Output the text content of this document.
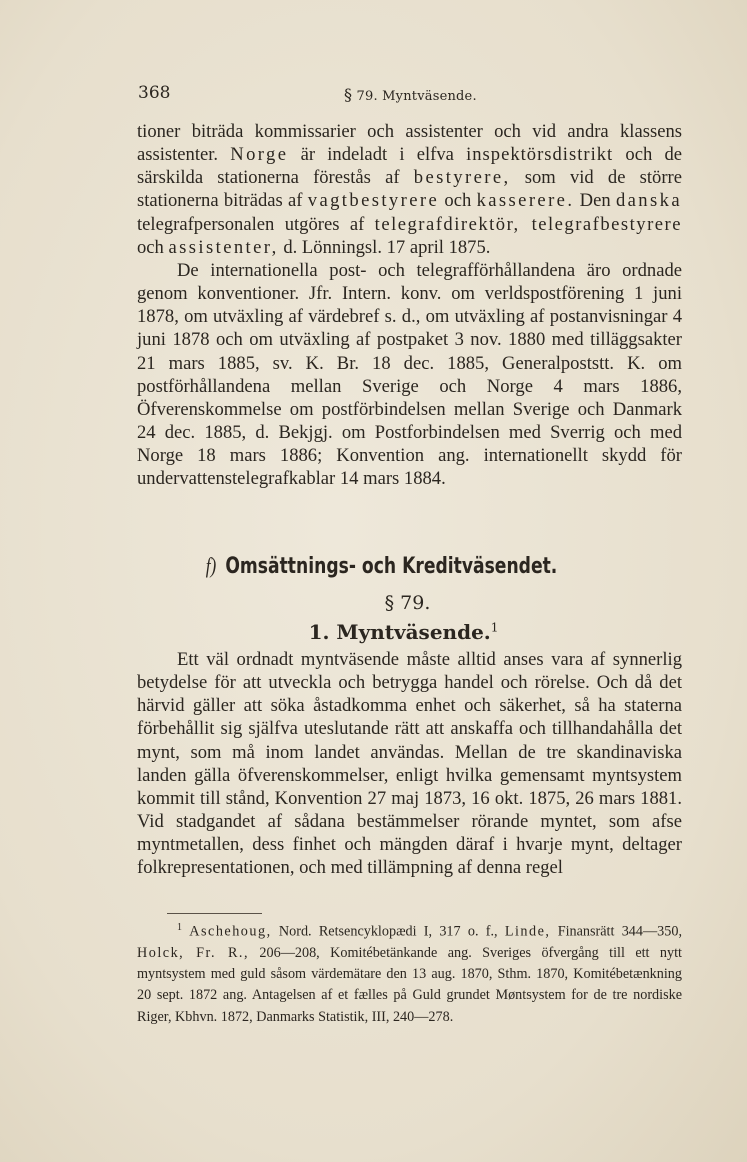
368	§ 79. Myntväsende.

tioner biträda kommissarier och assistenter och vid andra klassens assistenter. Norge är indeladt i elfva inspektörsdistrikt och de särskilda stationerna förestås af bestyrere, som vid de större stationerna biträdas af vagtbestyrere och kasserere. Den danska telegrafpersonalen utgöres af telegrafdirektör, telegrafbestyrere och assistenter, d. Lönningsl. 17 april 1875.

De internationella post- och telegrafförhållandena äro ordnade genom konventioner. Jfr. Intern. konv. om verldspostförening 1 juni 1878, om utväxling af värdebref s. d., om utväxling af postanvisningar 4 juni 1878 och om utväxling af postpaket 3 nov. 1880 med tilläggsakter 21 mars 1885, sv. K. Br. 18 dec. 1885, Generalpoststt. K. om postförhållandena mellan Sverige och Norge 4 mars 1886, Öfverenskommelse om postförbindelsen mellan Sverige och Danmark 24 dec. 1885, d. Bekjgj. om Postforbindelsen med Sverrig och med Norge 18 mars 1886; Konvention ang. internationellt skydd för undervattenstelegrafkablar 14 mars 1884.

f) Omsättnings- och Kreditväsendet.
§ 79.
1. Myntväsende.$^1$

Ett väl ordnadt myntväsende måste alltid anses vara af synnerlig betydelse för att utveckla och betrygga handel och rörelse. Och då det härvid gäller att söka åstadkomma enhet och säkerhet, så ha staterna förbehållit sig själfva uteslutande rätt att anskaffa och tillhandahålla det mynt, som må inom landet användas. Mellan de tre skandinaviska landen gälla öfverenskommelser, enligt hvilka gemensamt myntsystem kommit till stånd, Konvention 27 maj 1873, 16 okt. 1875, 26 mars 1881. Vid stadgandet af sådana bestämmelser rörande myntet, som afse myntmetallen, dess finhet och mängden däraf i hvarje mynt, deltager folkrepresentationen, och med tillämpning af denna regel

$^1$ Aschehoug, Nord. Retsencyklopædi I, 317 o. f., Linde, Finansrätt 344—350, Holck, Fr. R., 206—208, Komitébetänkande ang. Sveriges öfvergång till ett nytt myntsystem med guld såsom värdemätare den 13 aug. 1870, Sthm. 1870, Komitébetænkning 20 sept. 1872 ang. Antagelsen af et fælles på Guld grundet Møntsystem for de tre nordiske Riger, Kbhvn. 1872, Danmarks Statistik, III, 240—278.
